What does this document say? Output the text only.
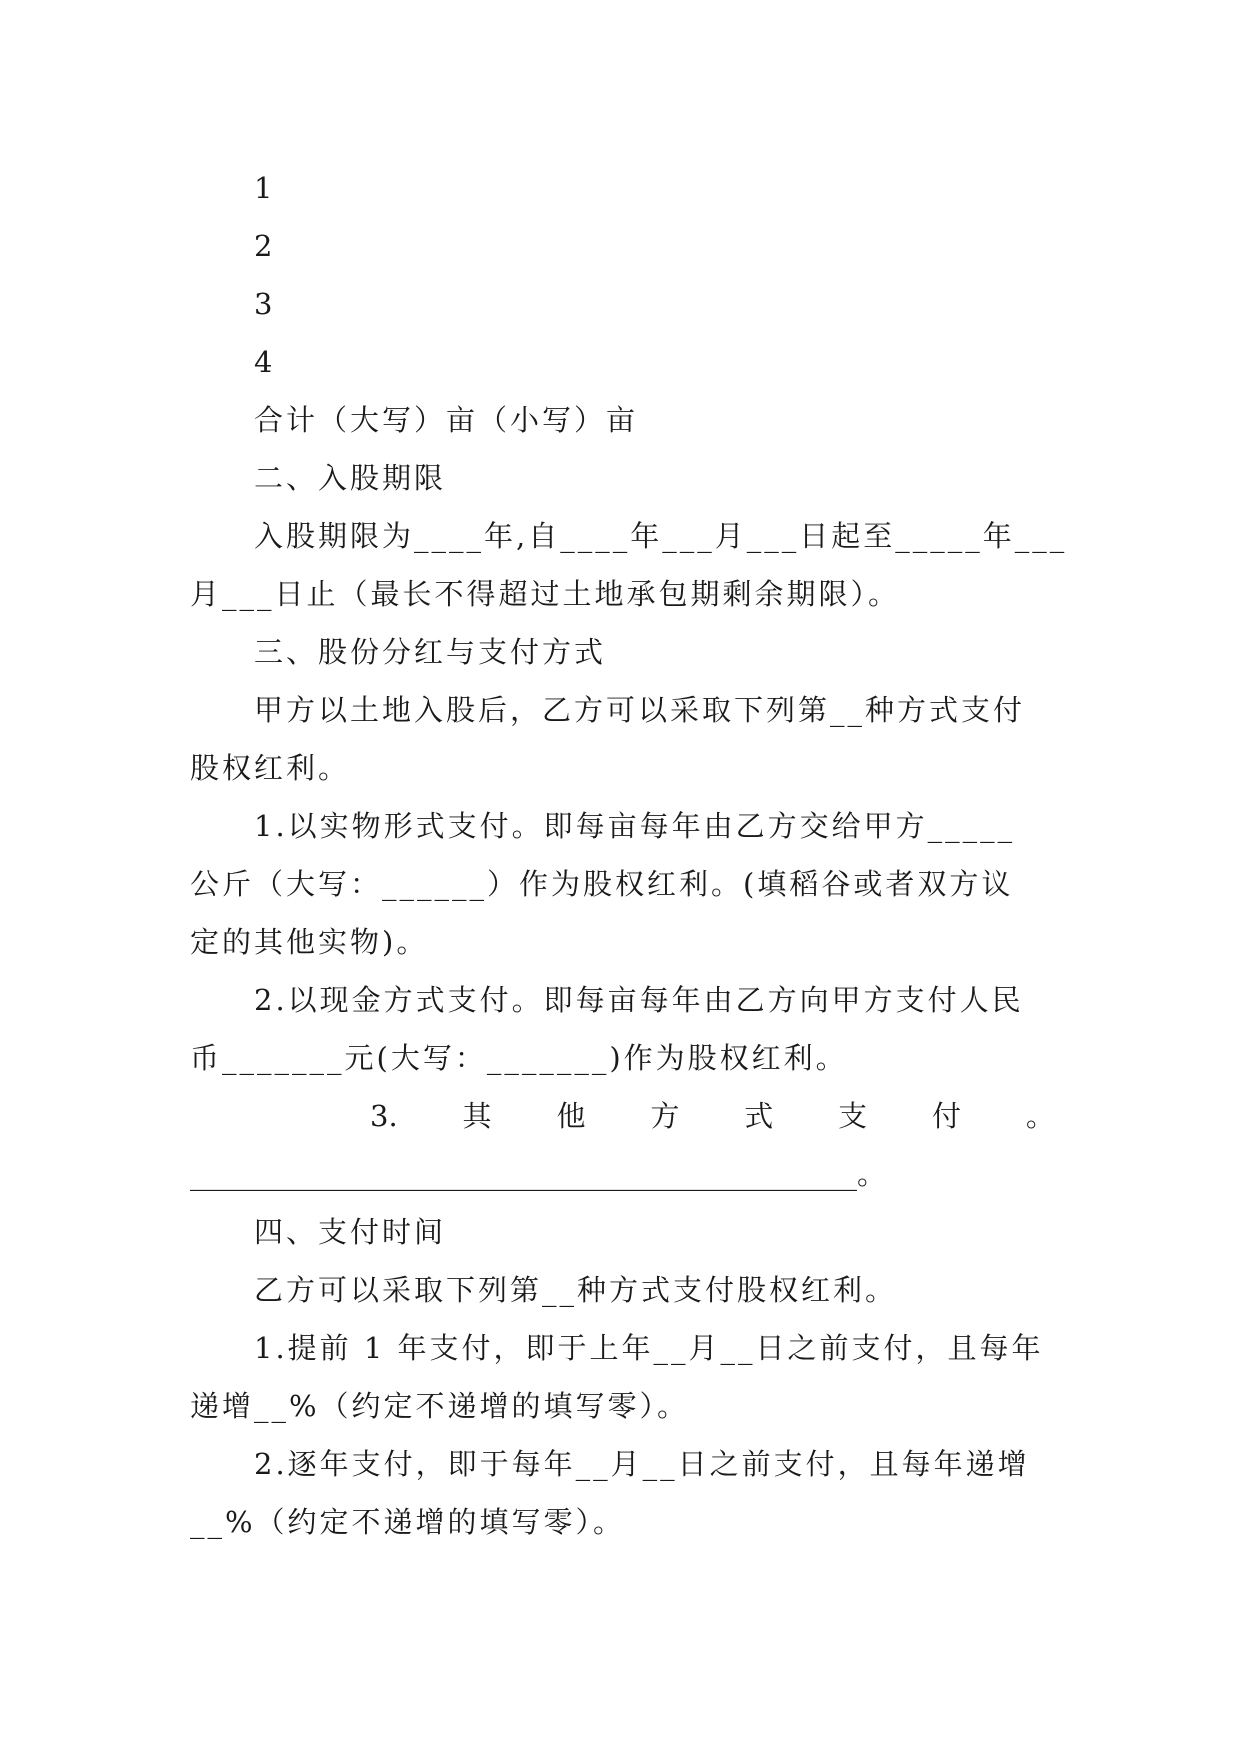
1
2
3
4
合计（大写）亩（小写）亩
二、入股期限
入股期限为____年,自____年___月___日起至_____年___
月___日止（最长不得超过土地承包期剩余期限）。
三、股份分红与支付方式
甲方以土地入股后，乙方可以采取下列第__种方式支付
股权红利。
1.以实物形式支付。即每亩每年由乙方交给甲方_____
公斤（大写：______）作为股权红利。(填稻谷或者双方议
定的其他实物)。
2.以现金方式支付。即每亩每年由乙方向甲方支付人民
币_______元(大写：_______)作为股权红利。
3. 其 他 方 式 支 付 。
______________________________________________。
四、支付时间
乙方可以采取下列第__种方式支付股权红利。
1.提前 1 年支付，即于上年__月__日之前支付，且每年
递增__%（约定不递增的填写零）。
2.逐年支付，即于每年__月__日之前支付，且每年递增
__%（约定不递增的填写零）。
